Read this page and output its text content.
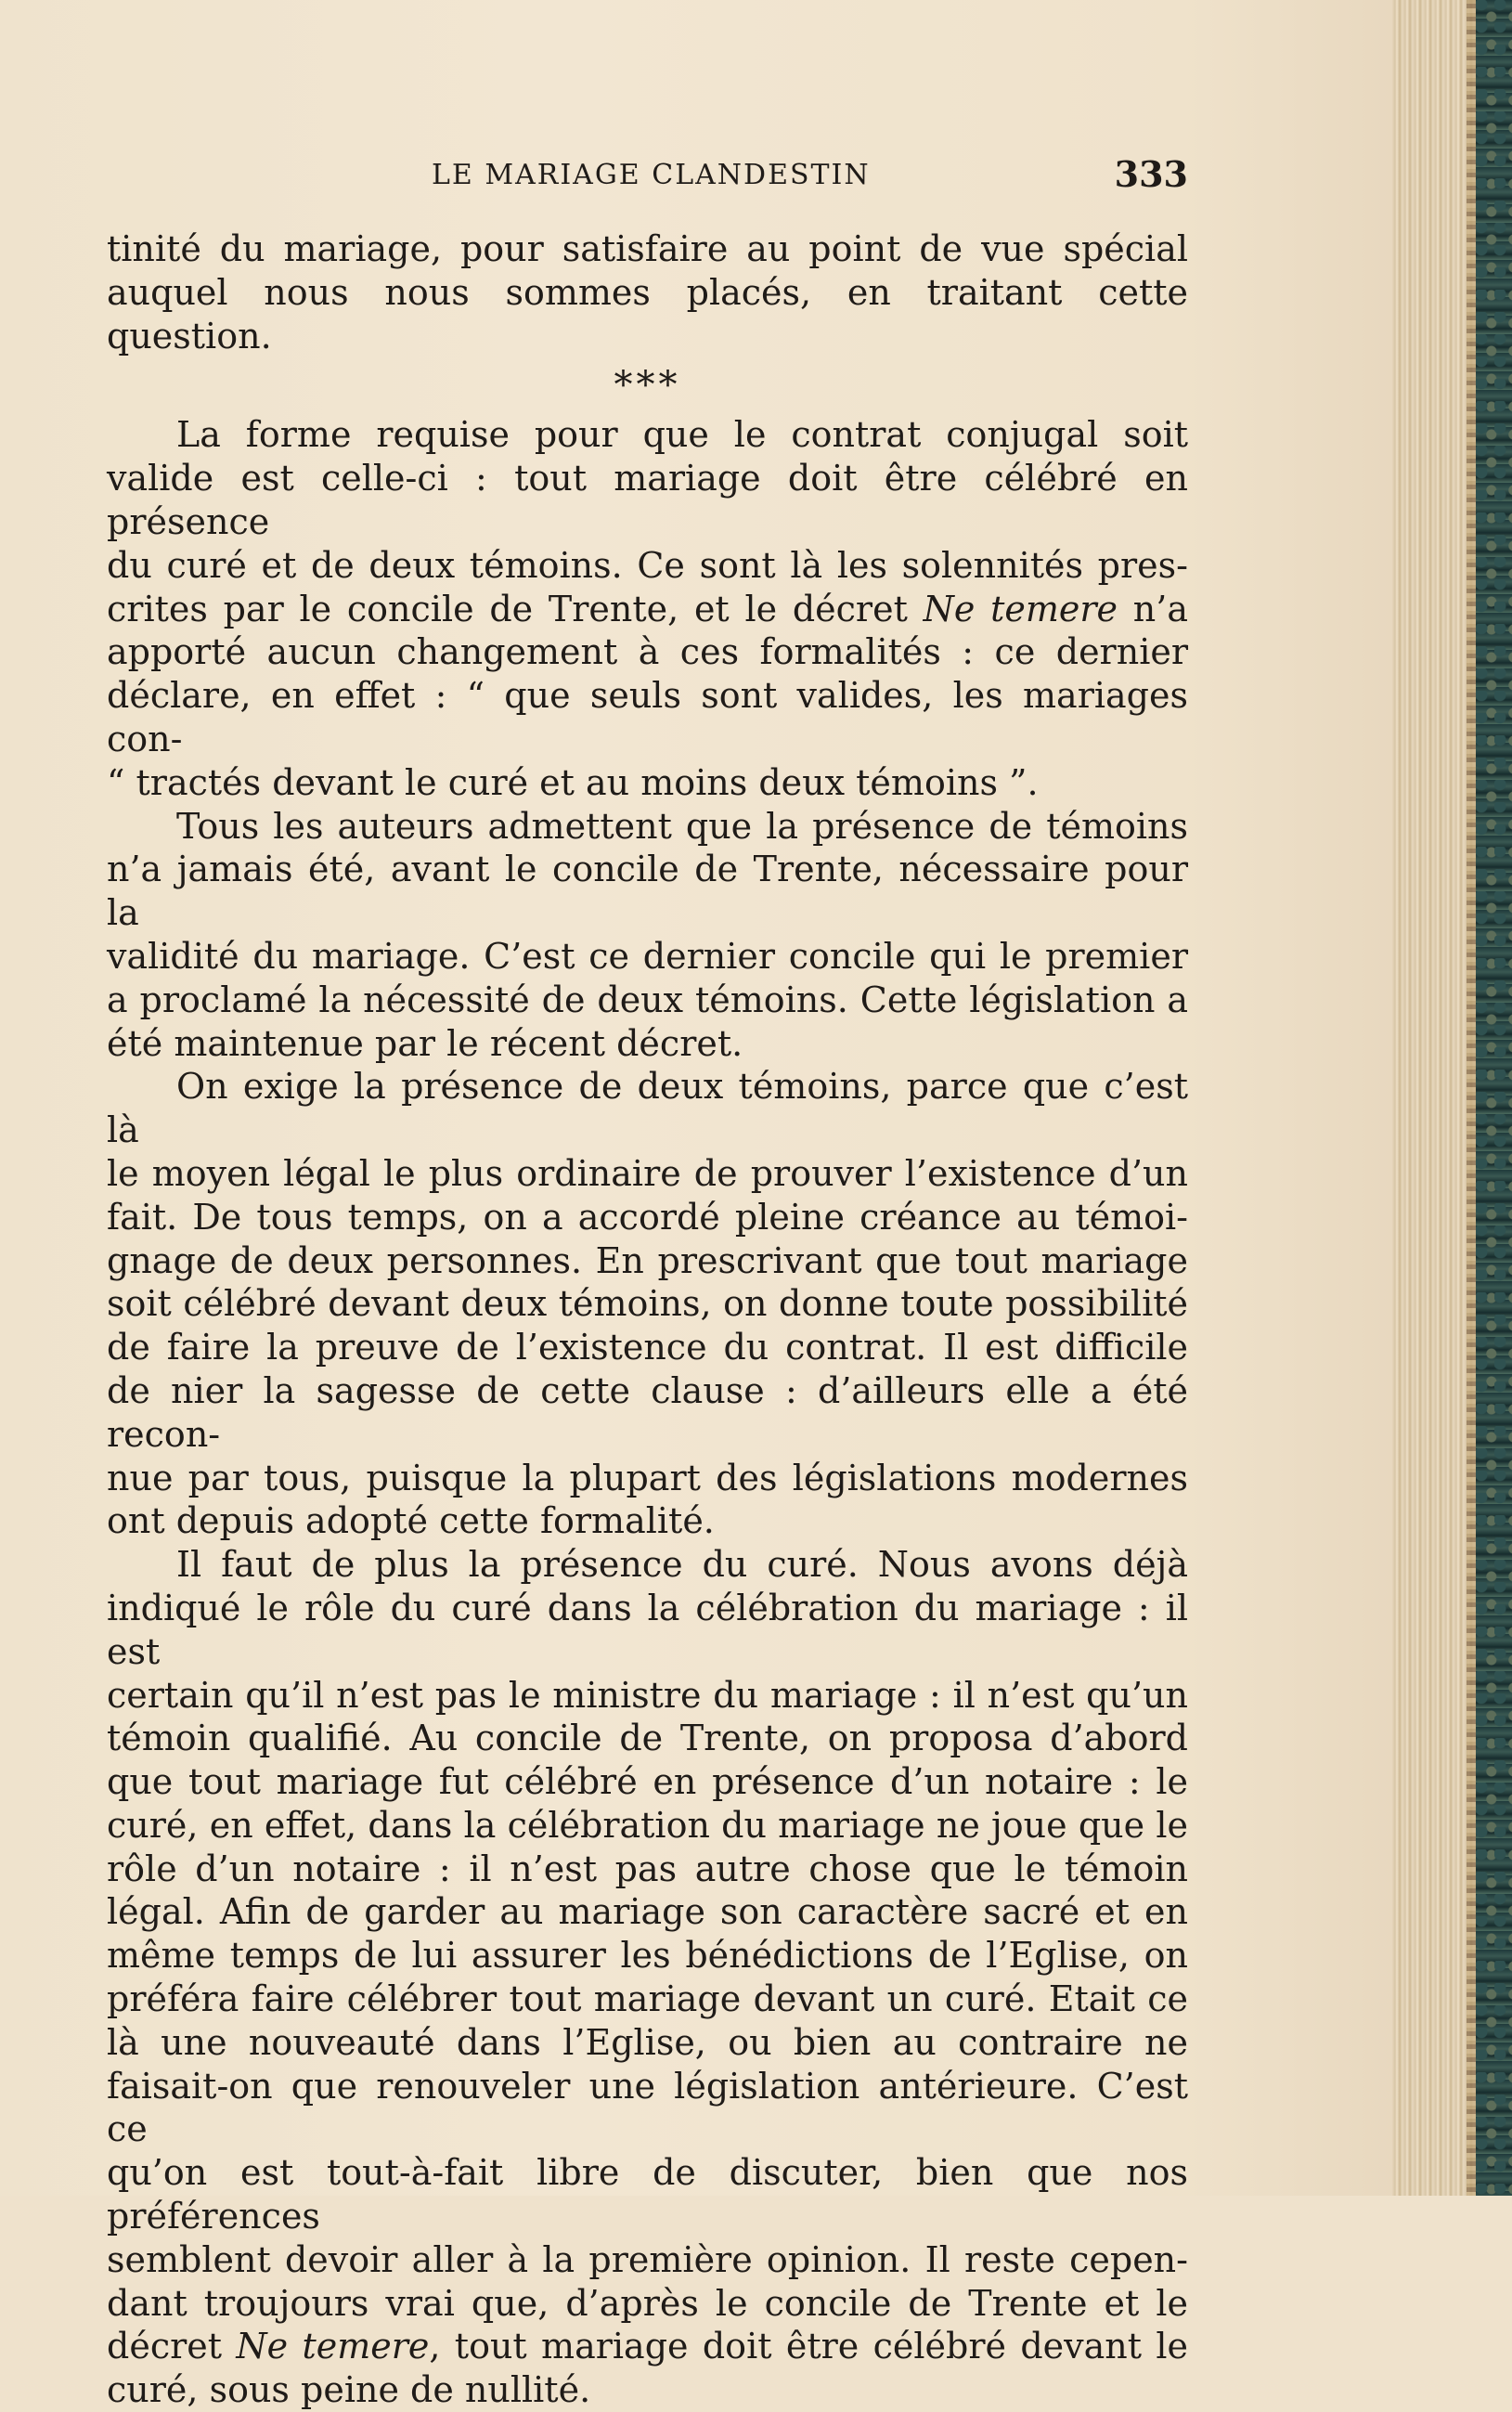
LE MARIAGE CLANDESTIN	333

tinité du mariage, pour satisfaire au point de vue spécial
auquel nous nous sommes placés, en traitant cette question.

***

La forme requise pour que le contrat conjugal soit
valide est celle-ci : tout mariage doit être célébré en présence
du curé et de deux témoins. Ce sont là les solennités pres-
crites par le concile de Trente, et le décret Ne temere n’a
apporté aucun changement à ces formalités : ce dernier
déclare, en effet : “ que seuls sont valides, les mariages con-
“ tractés devant le curé et au moins deux témoins ”.

Tous les auteurs admettent que la présence de témoins
n’a jamais été, avant le concile de Trente, nécessaire pour la
validité du mariage. C’est ce dernier concile qui le premier
a proclamé la nécessité de deux témoins. Cette législation a
été maintenue par le récent décret.

On exige la présence de deux témoins, parce que c’est là
le moyen légal le plus ordinaire de prouver l’existence d’un
fait. De tous temps, on a accordé pleine créance au témoi-
gnage de deux personnes. En prescrivant que tout mariage
soit célébré devant deux témoins, on donne toute possibilité
de faire la preuve de l’existence du contrat. Il est difficile
de nier la sagesse de cette clause : d’ailleurs elle a été recon-
nue par tous, puisque la plupart des législations modernes
ont depuis adopté cette formalité.

Il faut de plus la présence du curé. Nous avons déjà
indiqué le rôle du curé dans la célébration du mariage : il est
certain qu’il n’est pas le ministre du mariage : il n’est qu’un
témoin qualifié. Au concile de Trente, on proposa d’abord
que tout mariage fut célébré en présence d’un notaire : le
curé, en effet, dans la célébration du mariage ne joue que le
rôle d’un notaire : il n’est pas autre chose que le témoin
légal. Afin de garder au mariage son caractère sacré et en
même temps de lui assurer les bénédictions de l’Eglise, on
préféra faire célébrer tout mariage devant un curé. Etait ce
là une nouveauté dans l’Eglise, ou bien au contraire ne
faisait-on que renouveler une législation antérieure. C’est ce
qu’on est tout-à-fait libre de discuter, bien que nos préférences
semblent devoir aller à la première opinion. Il reste cepen-
dant troujours vrai que, d’après le concile de Trente et le
décret Ne temere, tout mariage doit être célébré devant le
curé, sous peine de nullité.
